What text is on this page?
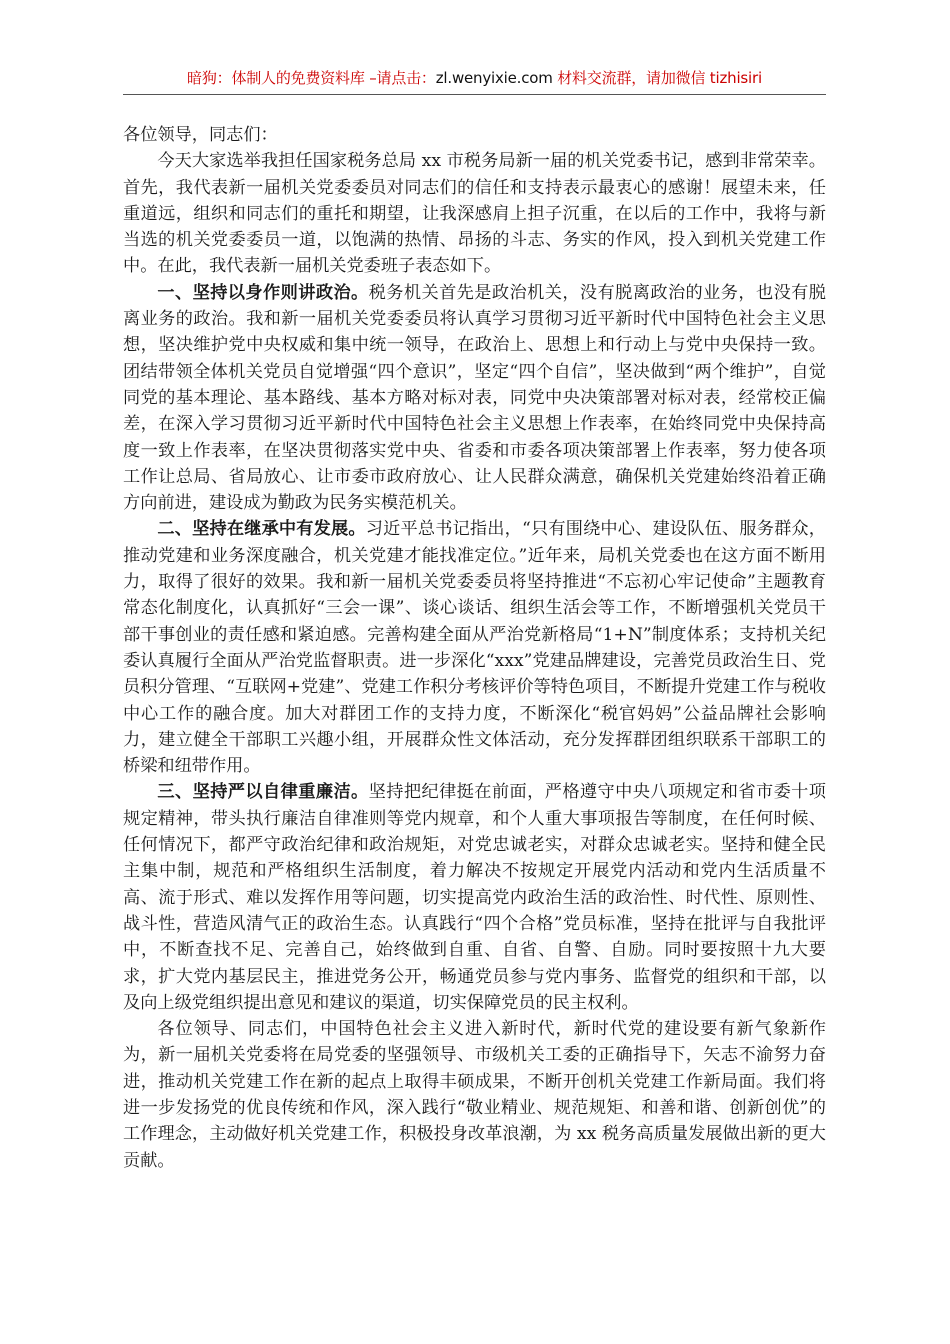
暗狗：体制人的免费资料库 –请点击：zl.wenyixie.com 材料交流群，请加微信 tizhisiri

各位领导，同志们：

今天大家选举我担任国家税务总局 xx 市税务局新一届的机关党委书记，感到非常荣幸。首先，我代表新一届机关党委委员对同志们的信任和支持表示最衷心的感谢！展望未来，任重道远，组织和同志们的重托和期望，让我深感肩上担子沉重，在以后的工作中，我将与新当选的机关党委委员一道，以饱满的热情、昂扬的斗志、务实的作风，投入到机关党建工作中。在此，我代表新一届机关党委班子表态如下。

一、坚持以身作则讲政治。税务机关首先是政治机关，没有脱离政治的业务，也没有脱离业务的政治。我和新一届机关党委委员将认真学习贯彻习近平新时代中国特色社会主义思想，坚决维护党中央权威和集中统一领导，在政治上、思想上和行动上与党中央保持一致。团结带领全体机关党员自觉增强“四个意识”，坚定“四个自信”，坚决做到“两个维护”，自觉同党的基本理论、基本路线、基本方略对标对表，同党中央决策部署对标对表，经常校正偏差，在深入学习贯彻习近平新时代中国特色社会主义思想上作表率，在始终同党中央保持高度一致上作表率，在坚决贯彻落实党中央、省委和市委各项决策部署上作表率，努力使各项工作让总局、省局放心、让市委市政府放心、让人民群众满意，确保机关党建始终沿着正确方向前进，建设成为勤政为民务实模范机关。

二、坚持在继承中有发展。习近平总书记指出，“只有围绕中心、建设队伍、服务群众，推动党建和业务深度融合，机关党建才能找准定位。”近年来，局机关党委也在这方面不断用力，取得了很好的效果。我和新一届机关党委委员将坚持推进“不忘初心牢记使命”主题教育常态化制度化，认真抓好“三会一课”、谈心谈话、组织生活会等工作，不断增强机关党员干部干事创业的责任感和紧迫感。完善构建全面从严治党新格局“1+N”制度体系；支持机关纪委认真履行全面从严治党监督职责。进一步深化“xxx”党建品牌建设，完善党员政治生日、党员积分管理、“互联网+党建”、党建工作积分考核评价等特色项目，不断提升党建工作与税收中心工作的融合度。加大对群团工作的支持力度，不断深化“税官妈妈”公益品牌社会影响力，建立健全干部职工兴趣小组，开展群众性文体活动，充分发挥群团组织联系干部职工的桥梁和纽带作用。

三、坚持严以自律重廉洁。坚持把纪律挺在前面，严格遵守中央八项规定和省市委十项规定精神，带头执行廉洁自律准则等党内规章，和个人重大事项报告等制度，在任何时候、任何情况下，都严守政治纪律和政治规矩，对党忠诚老实，对群众忠诚老实。坚持和健全民主集中制，规范和严格组织生活制度，着力解决不按规定开展党内活动和党内生活质量不高、流于形式、难以发挥作用等问题，切实提高党内政治生活的政治性、时代性、原则性、战斗性，营造风清气正的政治生态。认真践行“四个合格”党员标准，坚持在批评与自我批评中，不断查找不足、完善自己，始终做到自重、自省、自警、自励。同时要按照十九大要求，扩大党内基层民主，推进党务公开，畅通党员参与党内事务、监督党的组织和干部，以及向上级党组织提出意见和建议的渠道，切实保障党员的民主权利。

各位领导、同志们，中国特色社会主义进入新时代，新时代党的建设要有新气象新作为，新一届机关党委将在局党委的坚强领导、市级机关工委的正确指导下，矢志不渝努力奋进，推动机关党建工作在新的起点上取得丰硕成果，不断开创机关党建工作新局面。我们将进一步发扬党的优良传统和作风，深入践行“敬业精业、规范规矩、和善和谐、创新创优”的工作理念，主动做好机关党建工作，积极投身改革浪潮，为 xx 税务高质量发展做出新的更大贡献。
